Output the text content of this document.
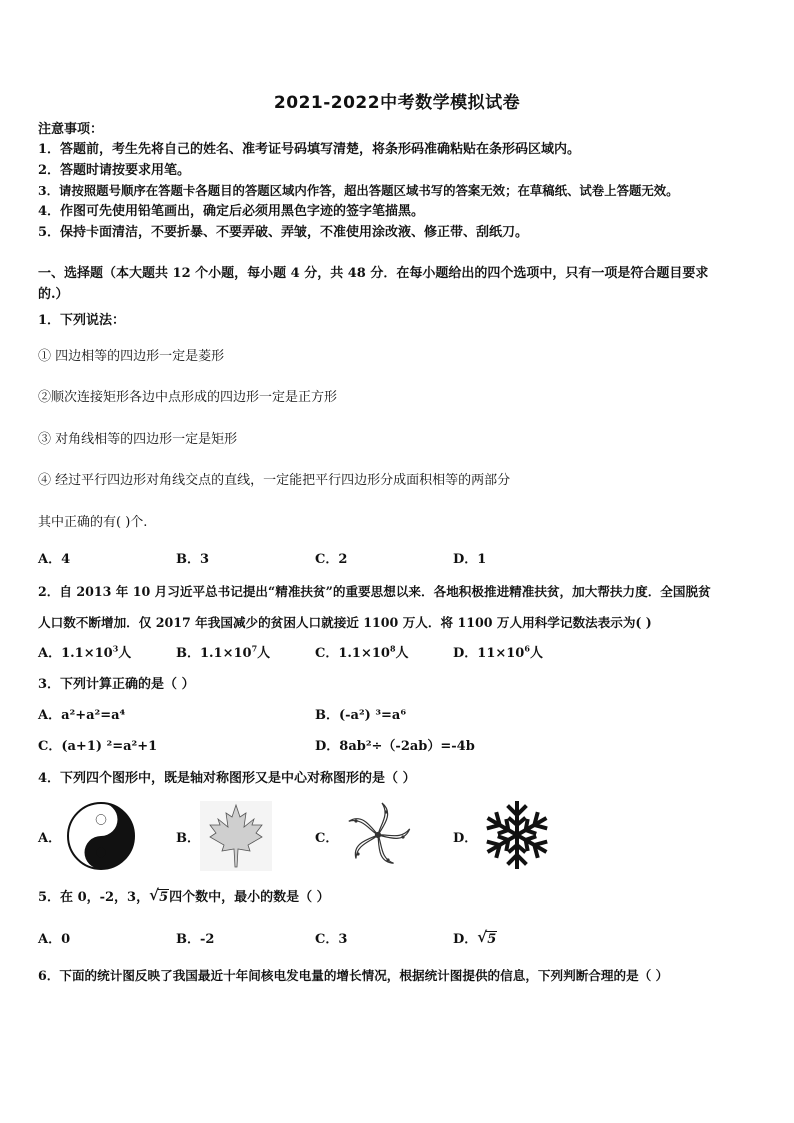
2021-2022中考数学模拟试卷
注意事项：
1．答题前，考生先将自己的姓名、准考证号码填写清楚，将条形码准确粘贴在条形码区域内。
2．答题时请按要求用笔。
3．请按照题号顺序在答题卡各题目的答题区域内作答，超出答题区域书写的答案无效；在草稿纸、试卷上答题无效。
4．作图可先使用铅笔画出，确定后必须用黑色字迹的签字笔描黑。
5．保持卡面清洁，不要折暴、不要弄破、弄皱，不准使用涂改液、修正带、刮纸刀。
一、选择题（本大题共 12 个小题，每小题 4 分，共 48 分．在每小题给出的四个选项中，只有一项是符合题目要求
的.）
1．下列说法：
① 四边相等的四边形一定是菱形
②顺次连接矩形各边中点形成的四边形一定是正方形
③ 对角线相等的四边形一定是矩形
④ 经过平行四边形对角线交点的直线，一定能把平行四边形分成面积相等的两部分
其中正确的有( )个.
A．4	B．3	C．2	D．1
2．自 2013 年 10 月习近平总书记提出“精准扶贫”的重要思想以来．各地积极推进精准扶贫，加大帮扶力度．全国脱贫
人口数不断增加．仅 2017 年我国减少的贫困人口就接近 1100 万人．将 1100 万人用科学记数法表示为( )
A．$1.1\times 10^3$人	B．$1.1\times 10^7$人	C．$1.1\times 10^8$人	D．$11\times 10^6$人
3．下列计算正确的是（ ）
A．a²+a²=a⁴	B．(-a²) ³=a⁶
C．(a+1) ²=a²+1	D．8ab²÷（-2ab）=-4b
4．下列四个图形中，既是轴对称图形又是中心对称图形的是（ ）
A．	B．	C．	D．
5．在 0，-2，3， √ 5四个数中，最小的数是（ ）
A．0	B．-2	C．3	D． √ 5
6．下面的统计图反映了我国最近十年间核电发电量的增长情况，根据统计图提供的信息，下列判断合理的是（ ）
